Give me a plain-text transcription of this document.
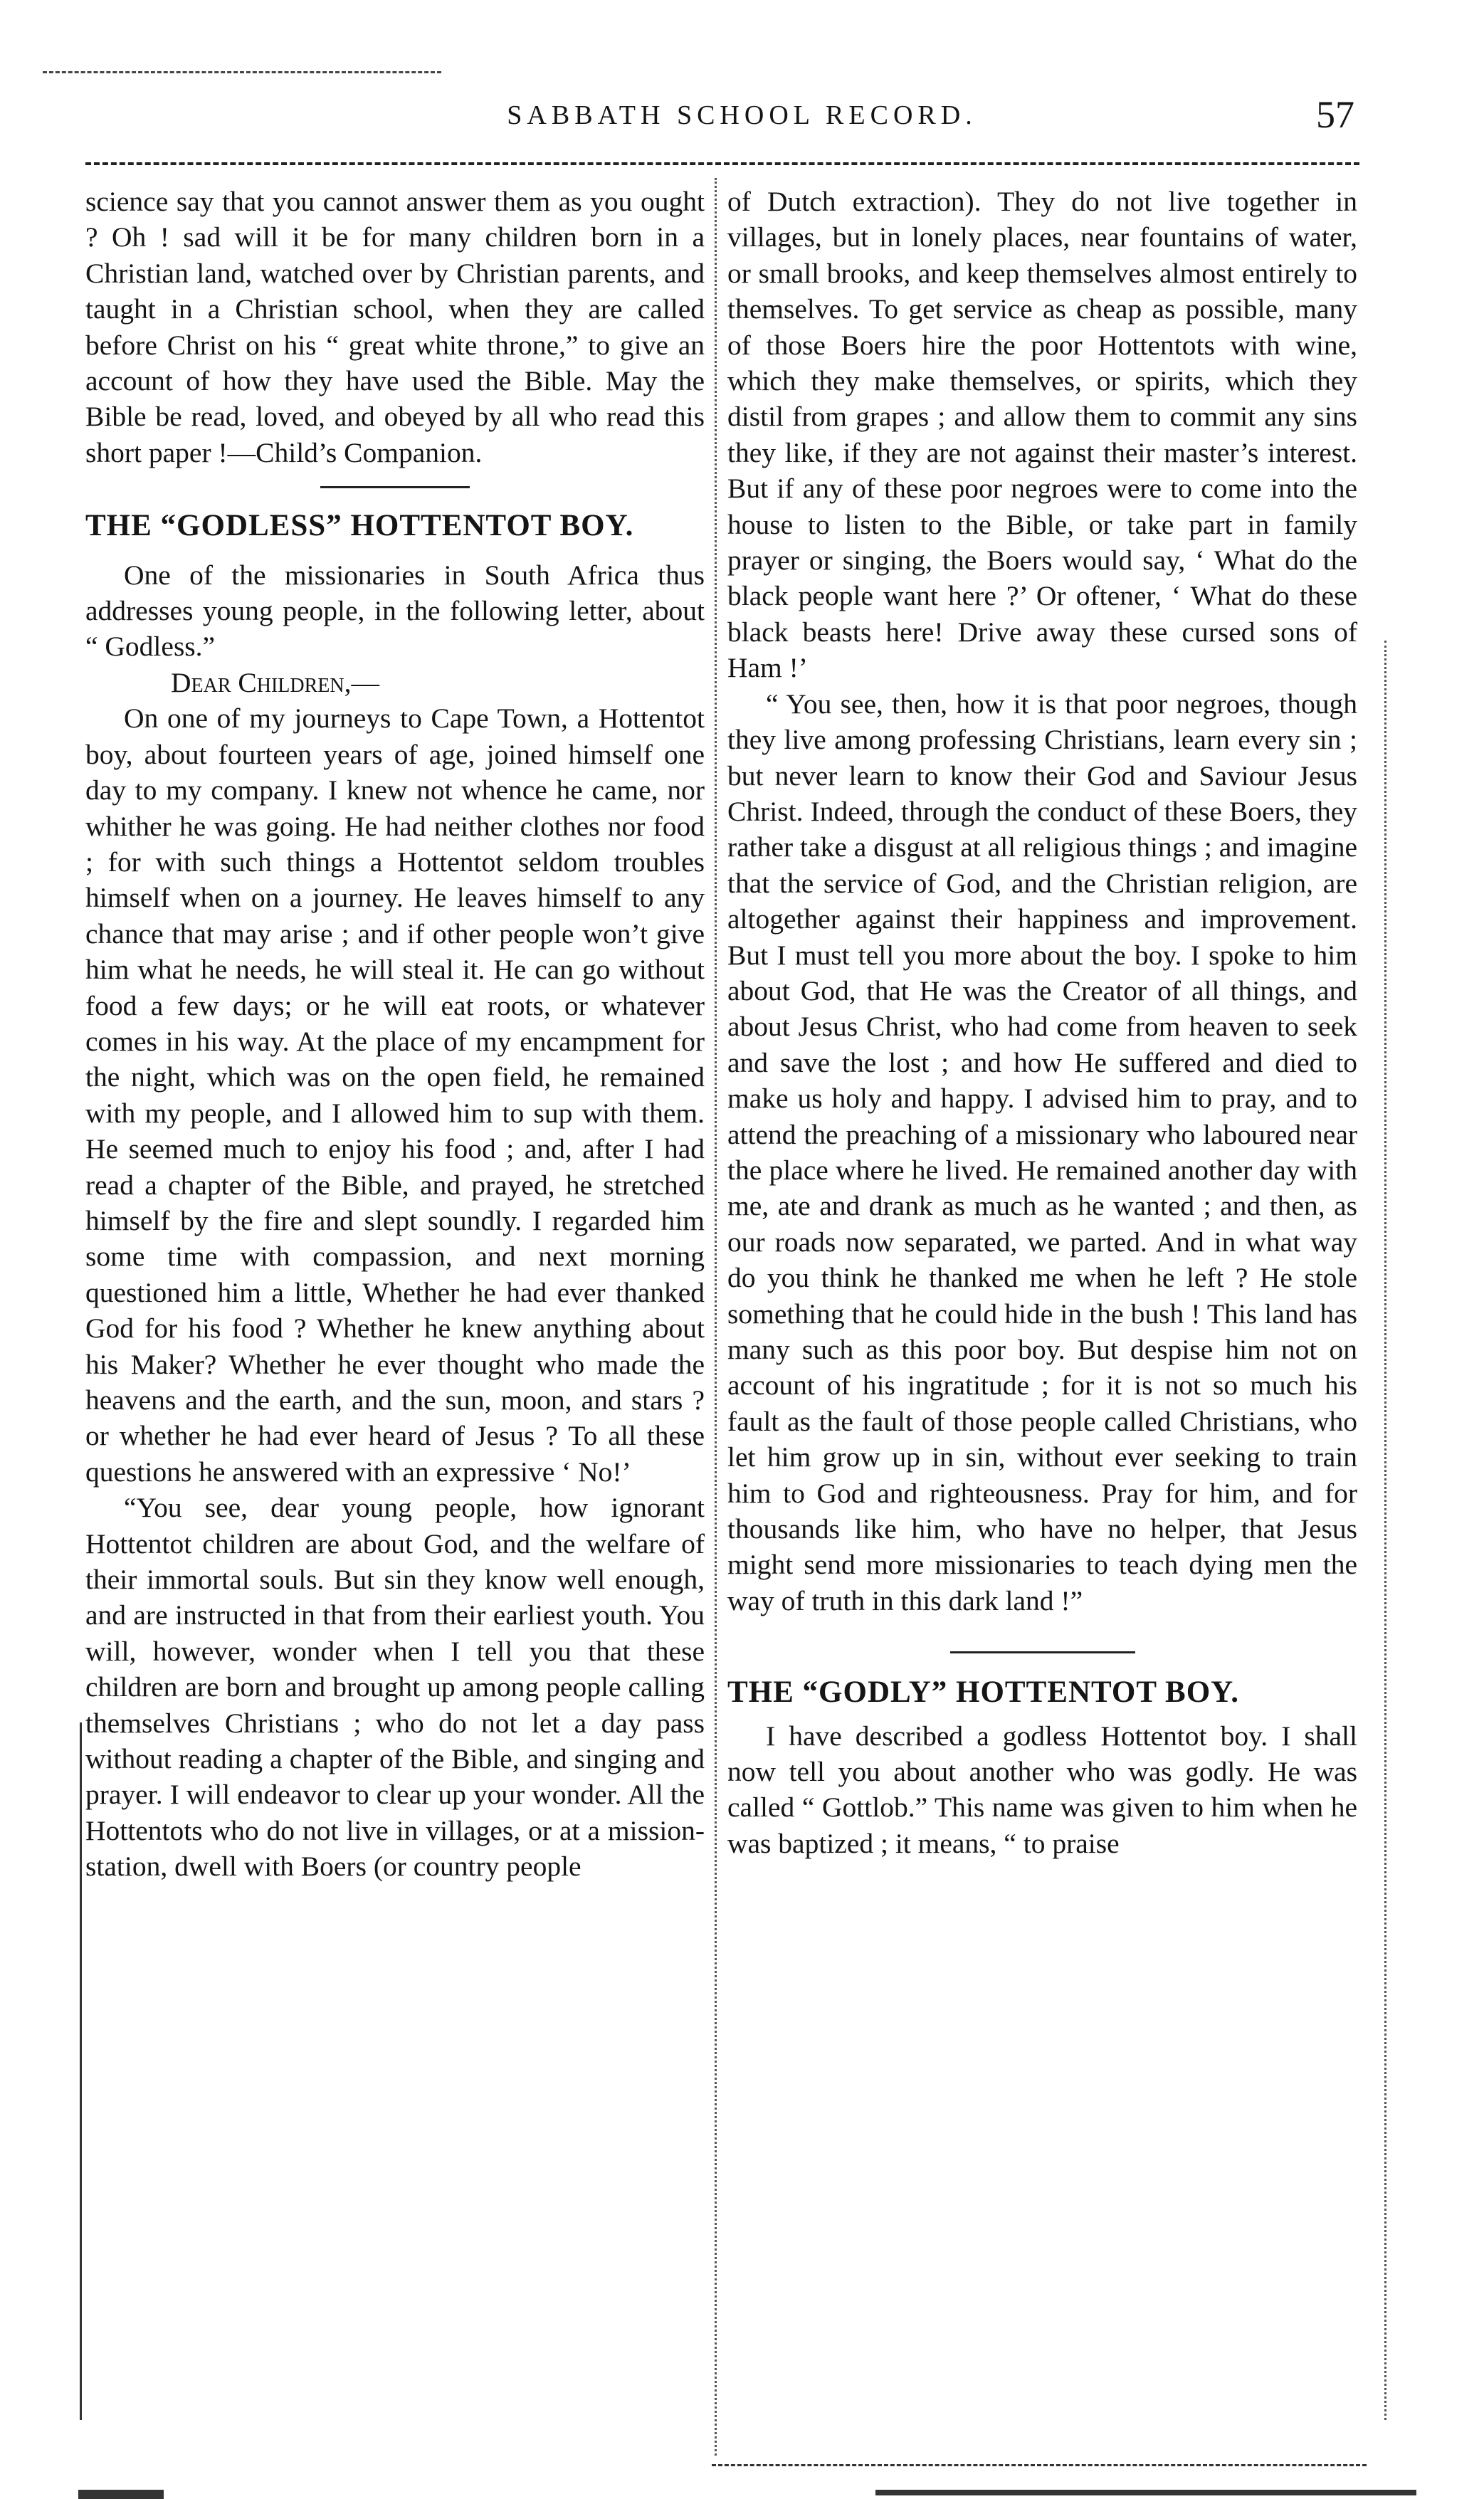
SABBATH SCHOOL RECORD.	57

science say that you cannot answer them as you ought ? Oh ! sad will it be for many children born in a Christian land, watched over by Christian parents, and taught in a Christian school, when they are called before Christ on his “ great white throne,” to give an account of how they have used the Bible. May the Bible be read, loved, and obeyed by all who read this short paper !—Child’s Companion.

THE “GODLESS” HOTTENTOT BOY.

One of the missionaries in South Africa thus addresses young people, in the following letter, about “ Godless.”

Dear Children,—

On one of my journeys to Cape Town, a Hottentot boy, about fourteen years of age, joined himself one day to my company. I knew not whence he came, nor whither he was going. He had neither clothes nor food ; for with such things a Hottentot seldom troubles himself when on a journey. He leaves himself to any chance that may arise ; and if other people won’t give him what he needs, he will steal it. He can go without food a few days; or he will eat roots, or whatever comes in his way. At the place of my encampment for the night, which was on the open field, he remained with my people, and I allowed him to sup with them. He seemed much to enjoy his food ; and, after I had read a chapter of the Bible, and prayed, he stretched himself by the fire and slept soundly. I regarded him some time with compassion, and next morning questioned him a little, Whether he had ever thanked God for his food ? Whether he knew anything about his Maker? Whether he ever thought who made the heavens and the earth, and the sun, moon, and stars ? or whether he had ever heard of Jesus ? To all these questions he answered with an expressive ‘ No!’

“You see, dear young people, how ignorant Hottentot children are about God, and the welfare of their immortal souls. But sin they know well enough, and are instructed in that from their earliest youth. You will, however, wonder when I tell you that these children are born and brought up among people calling themselves Christians ; who do not let a day pass without reading a chapter of the Bible, and singing and prayer. I will endeavor to clear up your wonder. All the Hottentots who do not live in villages, or at a mission-station, dwell with Boers (or country people

of Dutch extraction). They do not live together in villages, but in lonely places, near fountains of water, or small brooks, and keep themselves almost entirely to themselves. To get service as cheap as possible, many of those Boers hire the poor Hottentots with wine, which they make themselves, or spirits, which they distil from grapes ; and allow them to commit any sins they like, if they are not against their master’s interest. But if any of these poor negroes were to come into the house to listen to the Bible, or take part in family prayer or singing, the Boers would say, ‘ What do the black people want here ?’ Or oftener, ‘ What do these black beasts here! Drive away these cursed sons of Ham !’

“ You see, then, how it is that poor negroes, though they live among professing Christians, learn every sin ; but never learn to know their God and Saviour Jesus Christ. Indeed, through the conduct of these Boers, they rather take a disgust at all religious things ; and imagine that the service of God, and the Christian religion, are altogether against their happiness and improvement. But I must tell you more about the boy. I spoke to him about God, that He was the Creator of all things, and about Jesus Christ, who had come from heaven to seek and save the lost ; and how He suffered and died to make us holy and happy. I advised him to pray, and to attend the preaching of a missionary who laboured near the place where he lived. He remained another day with me, ate and drank as much as he wanted ; and then, as our roads now separated, we parted. And in what way do you think he thanked me when he left ? He stole something that he could hide in the bush ! This land has many such as this poor boy. But despise him not on account of his ingratitude ; for it is not so much his fault as the fault of those people called Christians, who let him grow up in sin, without ever seeking to train him to God and righteousness. Pray for him, and for thousands like him, who have no helper, that Jesus might send more missionaries to teach dying men the way of truth in this dark land !”

THE “GODLY” HOTTENTOT BOY.

I have described a godless Hottentot boy. I shall now tell you about another who was godly. He was called “ Gottlob.” This name was given to him when he was baptized ; it means, “ to praise
